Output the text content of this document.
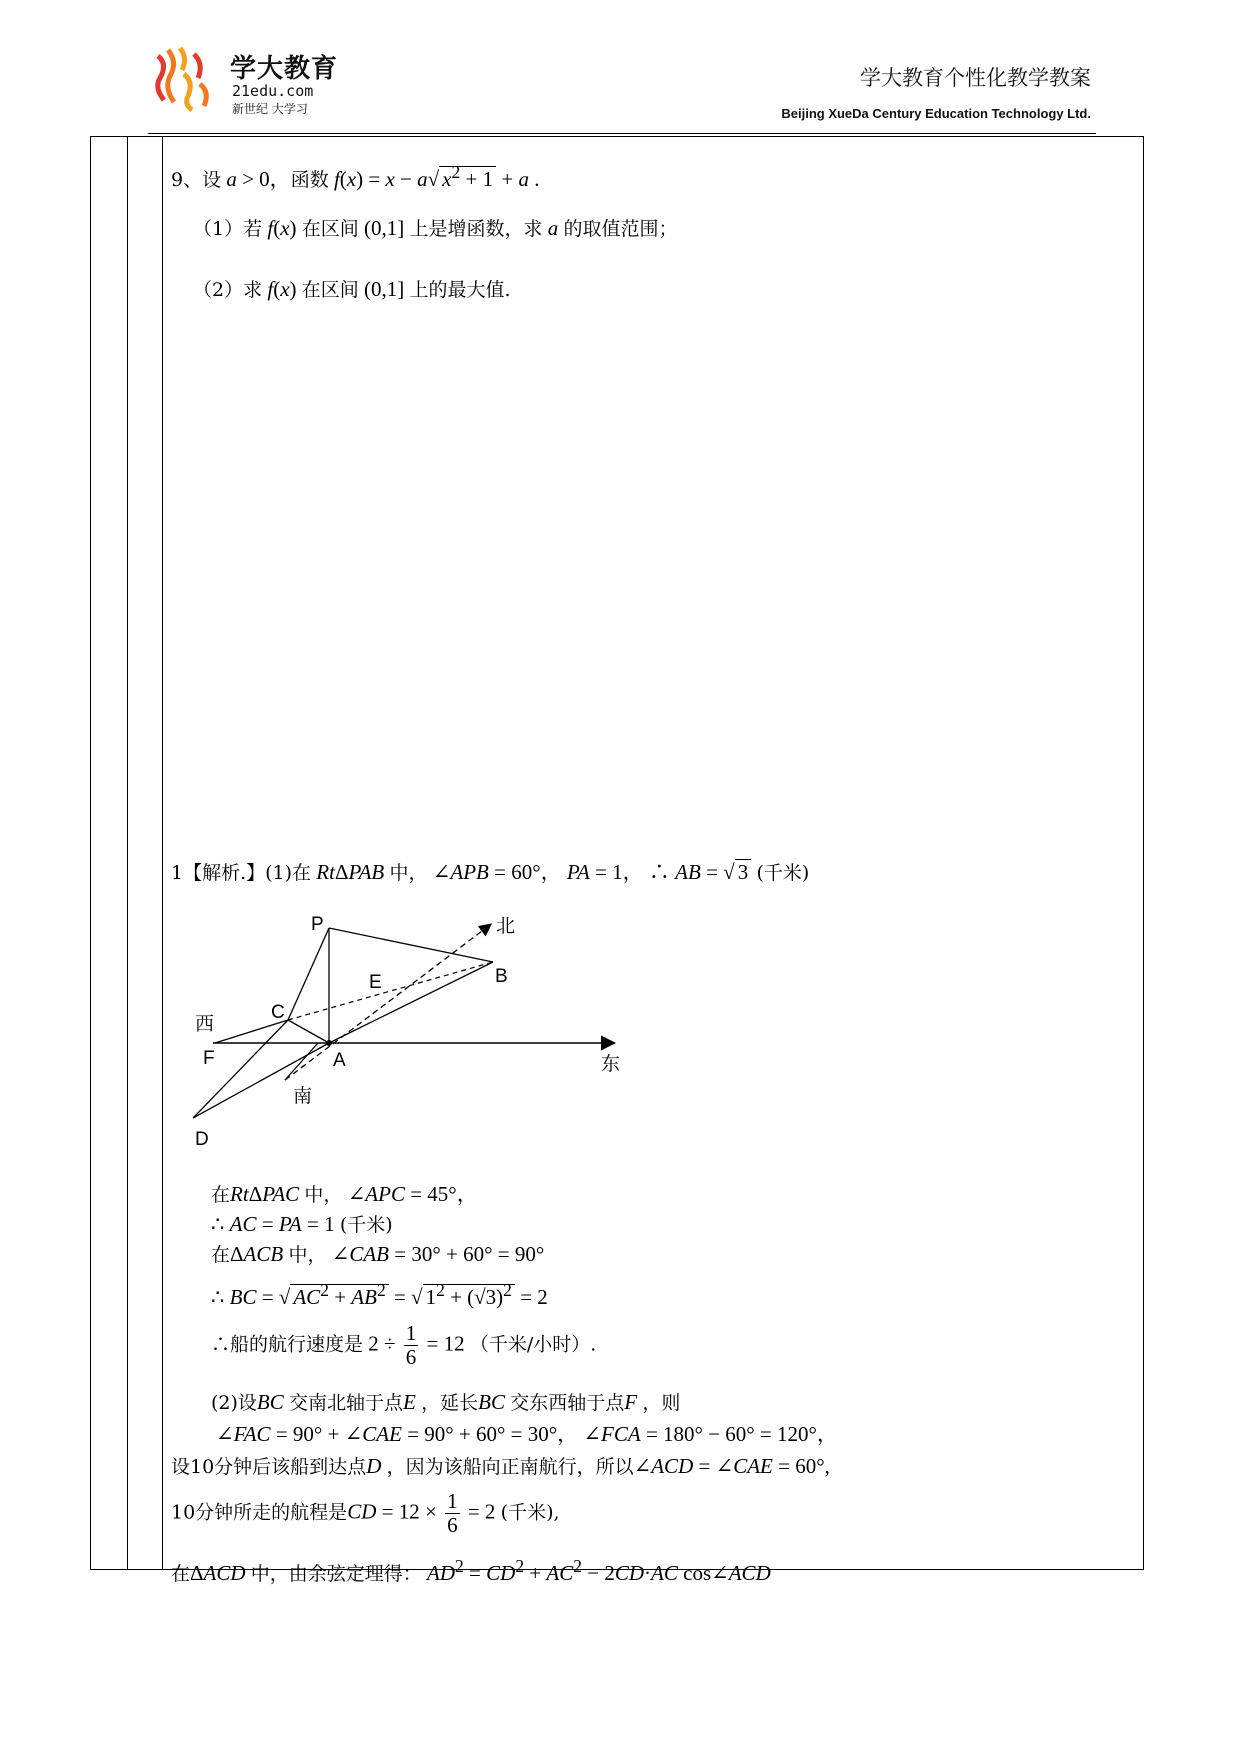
学大教育
21edu.com
新世纪 大学习
学大教育个性化教学教案
Beijing XueDa Century Education Technology Ltd.
9、设 a > 0，函数 f(x) = x − a√ $x^2 + 1 + a$ .
（1）若 f(x) 在区间 (0,1] 上是增函数，求 a 的取值范围；
（2）求 f(x) 在区间 (0,1] 上的最大值.
1【解析.】(1)在 RtΔPAB 中， ∠APB = 60°， PA = 1， ∴ AB = √ 3 (千米)
P
B
E
C
A
F
D
北
东
西
南
在RtΔPAC 中， ∠APC = 45°，
∴ AC = PA = 1 (千米)
在ΔACB 中， ∠CAB = 30° + 60° = 90°
∴ BC = √ $AC^2 + AB^2$ = √ $1^2 + (√3)^2 = 2$
∴船的航行速度是 $2 \div \frac{1}{6} = 12$ （千米/小时）.
(2)设BC 交南北轴于点E ，延长BC 交东西轴于点F ，则
∠FAC = 90° + ∠CAE = 90° + 60° = 30°， ∠FCA = 180° − 60° = 120°，
设10分钟后该船到达点D ，因为该船向正南航行，所以∠ACD = ∠CAE = 60°,
10分钟所走的航程是CD = $12 \times \frac{1}{6} = 2$ (千米),
在ΔACD 中，由余弦定理得： $AD^2 = CD^2 + AC^2 - 2CD\cdot AC$ cos∠ACD
